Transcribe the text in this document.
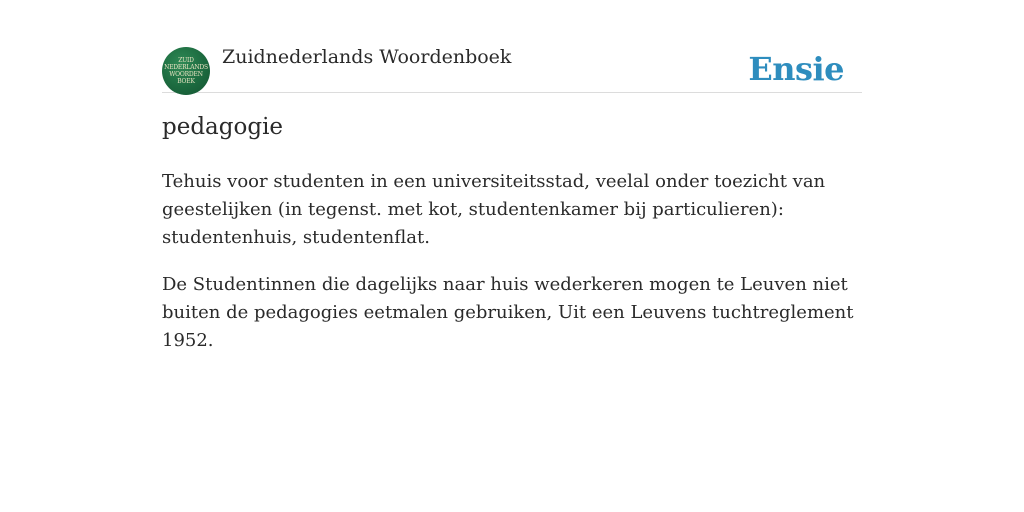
ZUID
NEDERLANDS
WOORDEN
BOEK
Zuidnederlands Woordenboek	Ensie
pedagogie

Tehuis voor studenten in een universiteitsstad, veelal onder toezicht van geestelijken (in tegenst. met kot, studentenkamer bij particulieren): studentenhuis, studentenflat.

De Studentinnen die dagelijks naar huis wederkeren mogen te Leuven niet buiten de pedagogies eetmalen gebruiken, Uit een Leuvens tuchtreglement 1952.
